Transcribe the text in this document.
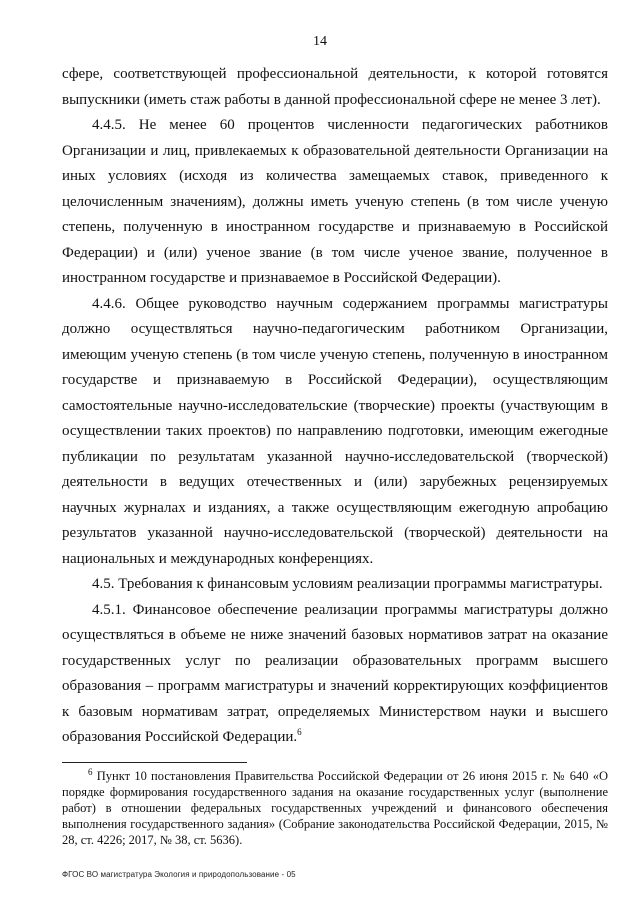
14

сфере, соответствующей профессиональной деятельности, к которой готовятся выпускники (иметь стаж работы в данной профессиональной сфере не менее 3 лет).

4.4.5. Не менее 60 процентов численности педагогических работников Организации и лиц, привлекаемых к образовательной деятельности Организации на иных условиях (исходя из количества замещаемых ставок, приведенного к целочисленным значениям), должны иметь ученую степень (в том числе ученую степень, полученную в иностранном государстве и признаваемую в Российской Федерации) и (или) ученое звание (в том числе ученое звание, полученное в иностранном государстве и признаваемое в Российской Федерации).

4.4.6. Общее руководство научным содержанием программы магистратуры должно осуществляться научно-педагогическим работником Организации, имеющим ученую степень (в том числе ученую степень, полученную в иностранном государстве и признаваемую в Российской Федерации), осуществляющим самостоятельные научно-исследовательские (творческие) проекты (участвующим в осуществлении таких проектов) по направлению подготовки, имеющим ежегодные публикации по результатам указанной научно-исследовательской (творческой) деятельности в ведущих отечественных и (или) зарубежных рецензируемых научных журналах и изданиях, а также осуществляющим ежегодную апробацию результатов указанной научно-исследовательской (творческой) деятельности на национальных и международных конференциях.

4.5. Требования к финансовым условиям реализации программы магистратуры.

4.5.1. Финансовое обеспечение реализации программы магистратуры должно осуществляться в объеме не ниже значений базовых нормативов затрат на оказание государственных услуг по реализации образовательных программ высшего образования – программ магистратуры и значений корректирующих коэффициентов к базовым нормативам затрат, определяемых Министерством науки и высшего образования Российской Федерации.$^6$

$^6$ Пункт 10 постановления Правительства Российской Федерации от 26 июня 2015 г. № 640 «О порядке формирования государственного задания на оказание государственных услуг (выполнение работ) в отношении федеральных государственных учреждений и финансового обеспечения выполнения государственного задания» (Собрание законодательства Российской Федерации, 2015, № 28, ст. 4226; 2017, № 38, ст. 5636).

ФГОС ВО магистратура Экология и природопользование - 05
